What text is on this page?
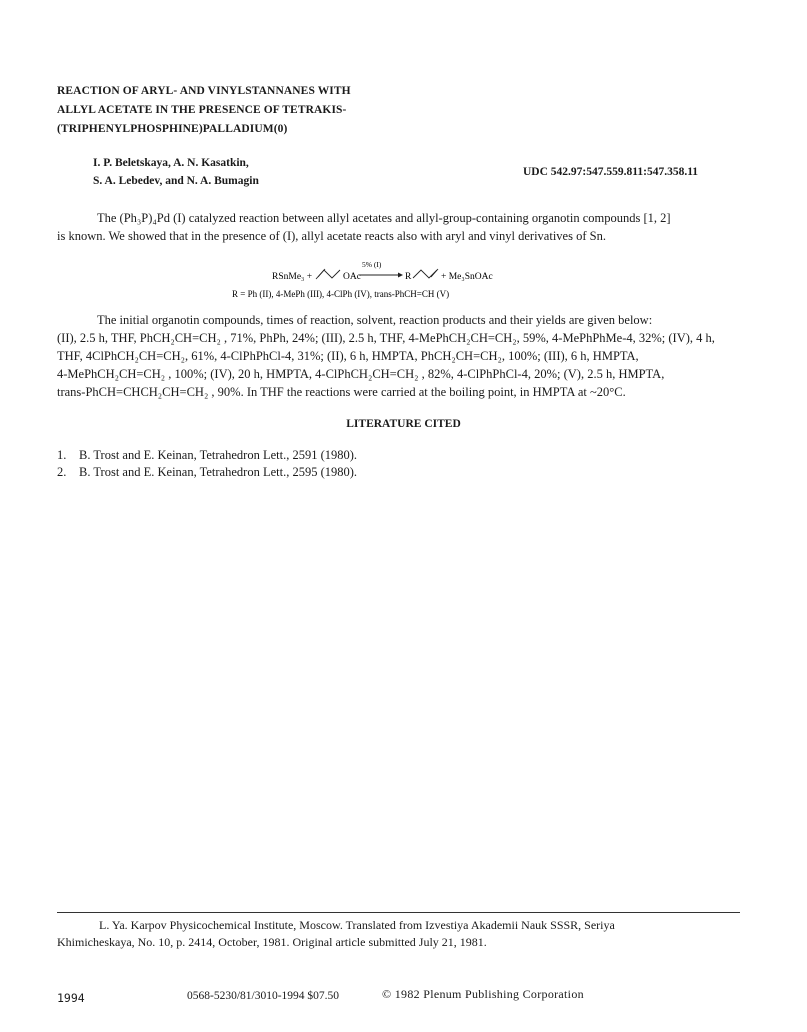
REACTION OF ARYL- AND VINYLSTANNANES WITH
ALLYL ACETATE IN THE PRESENCE OF TETRAKIS-
(TRIPHENYLPHOSPHINE)PALLADIUM(0)
I. P. Beletskaya, A. N. Kasatkin,
S. A. Lebedev, and N. A. Bumagin
UDC 542.97:547.559.811:547.358.11
The (Ph₃P)₄Pd (I) catalyzed reaction between allyl acetates and allyl-group-containing organotin compounds [1, 2]
is known. We showed that in the presence of (I), allyl acetate reacts also with aryl and vinyl derivatives of Sn.
RSnMe₃ +	OAc
5% (I)
R	+ Me₃SnOAc
R = Ph (II), 4-MePh (III), 4-ClPh (IV), trans-PhCH=CH (V)
The initial organotin compounds, times of reaction, solvent, reaction products and their yields are given below:
(II), 2.5 h, THF, PhCH₂CH=CH₂ , 71%, PhPh, 24%; (III), 2.5 h, THF, 4-MePhCH₂CH=CH₂, 59%, 4-MePhPhMe-4, 32%; (IV), 4 h,
THF, 4ClPhCH₂CH=CH₂, 61%, 4-ClPhPhCl-4, 31%; (II), 6 h, HMPTA, PhCH₂CH=CH₂, 100%; (III), 6 h, HMPTA,
4-MePhCH₂CH=CH₂ , 100%; (IV), 20 h, HMPTA, 4-ClPhCH₂CH=CH₂ , 82%, 4-ClPhPhCl-4, 20%; (V), 2.5 h, HMPTA,
trans-PhCH=CHCH₂CH=CH₂ , 90%. In THF the reactions were carried at the boiling point, in HMPTA at ~20°C.
LITERATURE CITED
1. B. Trost and E. Keinan, Tetrahedron Lett., 2591 (1980).
2. B. Trost and E. Keinan, Tetrahedron Lett., 2595 (1980).
L. Ya. Karpov Physicochemical Institute, Moscow. Translated from Izvestiya Akademii Nauk SSSR, Seriya
Khimicheskaya, No. 10, p. 2414, October, 1981. Original article submitted July 21, 1981.
1994	0568-5230/81/3010-1994 $07.50	© 1982 Plenum Publishing Corporation
